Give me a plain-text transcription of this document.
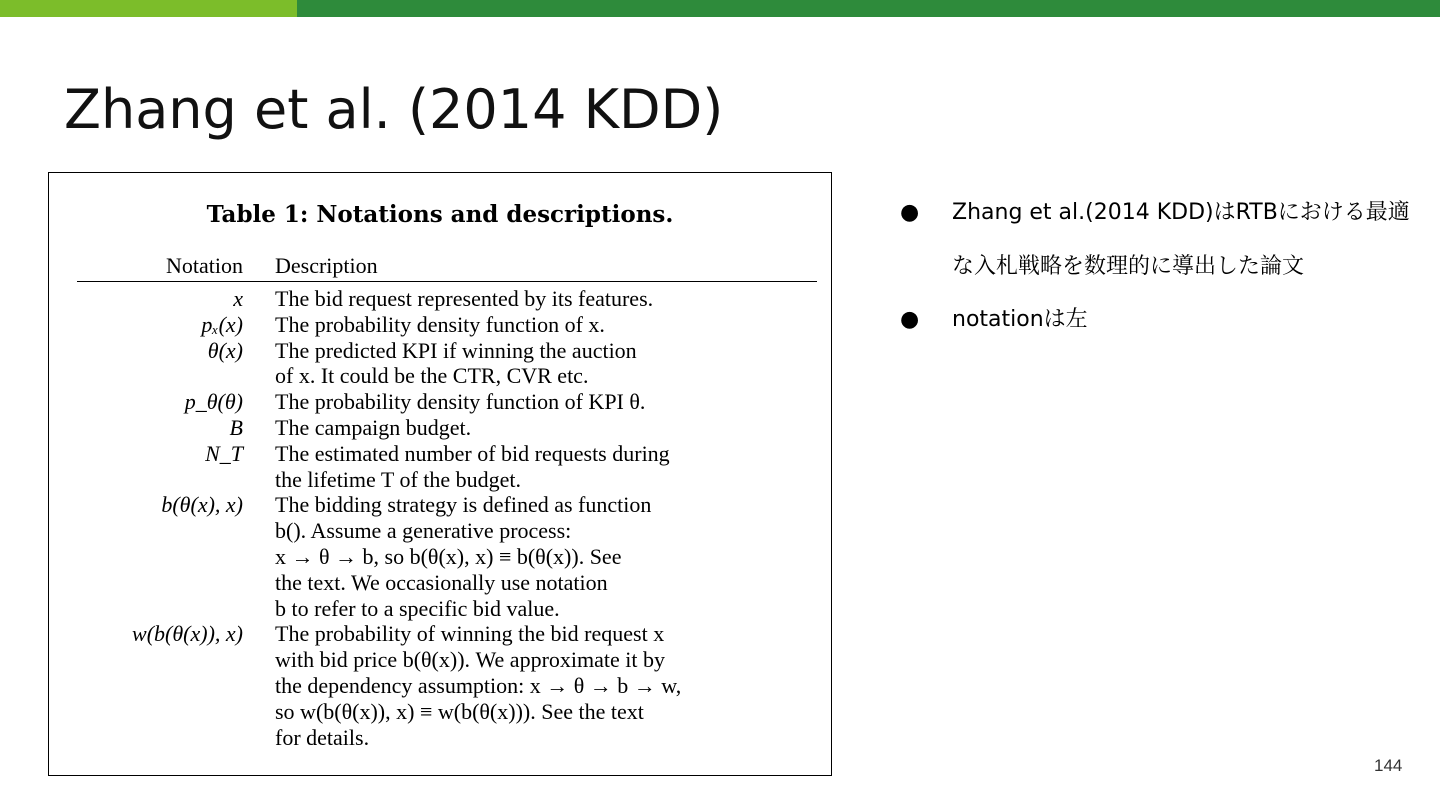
Zhang et al. (2014 KDD)
Table 1: Notations and descriptions.
Notation Description
x The bid request represented by its features.
pₓ(x) The probability density function of x.
θ(x) The predicted KPI if winning the auction
of x. It could be the CTR, CVR etc.
p_θ(θ) The probability density function of KPI θ.
B The campaign budget.
N_T The estimated number of bid requests during
the lifetime T of the budget.
b(θ(x), x) The bidding strategy is defined as function
b(). Assume a generative process:
x → θ → b, so b(θ(x), x) ≡ b(θ(x)). See
the text. We occasionally use notation
b to refer to a specific bid value.
w(b(θ(x)), x) The probability of winning the bid request x
with bid price b(θ(x)). We approximate it by
the dependency assumption: x → θ → b → w,
so w(b(θ(x)), x) ≡ w(b(θ(x))). See the text
for details.
●	Zhang et al.(2014 KDD)はRTBにおける最適な入札戦略を数理的に導出した論文
●	notationは左
144
